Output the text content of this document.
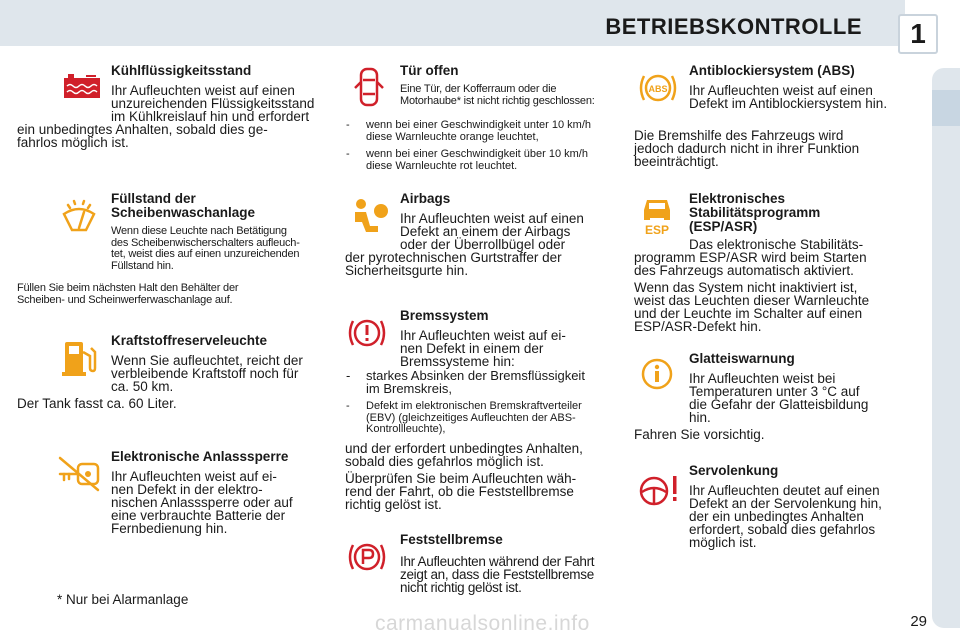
BETRIEBSKONTROLLE	1
Kühlflüssigkeitsstand
Ihr Aufleuchten weist auf einen
unzureichenden Flüssigkeitsstand
im Kühlkreislauf hin und erfordert
ein unbedingtes Anhalten, sobald dies ge-
fahrlos möglich ist.
Füllstand der
Scheibenwaschanlage
Wenn diese Leuchte nach Betätigung
des Scheibenwischerschalters aufleuch-
tet, weist dies auf einen unzureichenden
Füllstand hin.
Füllen Sie beim nächsten Halt den Behälter der
Scheiben- und Scheinwerferwaschanlage auf.
Kraftstoffreserveleuchte
Wenn Sie aufleuchtet, reicht der
verbleibende Kraftstoff noch für
ca. 50 km.
Der Tank fasst ca. 60 Liter.
Elektronische Anlasssperre
Ihr Aufleuchten weist auf ei-
nen Defekt in der elektro-
nischen Anlasssperre oder auf
eine verbrauchte Batterie der
Fernbedienung hin.
* Nur bei Alarmanlage
Tür offen
Eine Tür, der Kofferraum oder die
Motorhaube* ist nicht richtig geschlossen:
-	wenn bei einer Geschwindigkeit unter 10 km/h
diese Warnleuchte orange leuchtet,
-	wenn bei einer Geschwindigkeit über 10 km/h
diese Warnleuchte rot leuchtet.
Airbags
Ihr Aufleuchten weist auf einen
Defekt an einem der Airbags
oder der Überrollbügel oder
der pyrotechnischen Gurtstraffer der
Sicherheitsgurte hin.
Bremssystem
Ihr Aufleuchten weist auf ei-
nen Defekt in einem der
Bremssysteme hin:
-	starkes Absinken der Bremsflüssigkeit
im Bremskreis,
-	Defekt im elektronischen Bremskraftverteiler
(EBV) (gleichzeitiges Aufleuchten der ABS-
Kontrollleuchte),
und der erfordert unbedingtes Anhalten,
sobald dies gefahrlos möglich ist.
Überprüfen Sie beim Aufleuchten wäh-
rend der Fahrt, ob die Feststellbremse
richtig gelöst ist.
Feststellbremse
Ihr Aufleuchten während der Fahrt
zeigt an, dass die Feststellbremse
nicht richtig gelöst ist.
ABS
Antiblockiersystem (ABS)
Ihr Aufleuchten weist auf einen
Defekt im Antiblockiersystem hin.
Die Bremshilfe des Fahrzeugs wird
jedoch dadurch nicht in ihrer Funktion
beeinträchtigt.
ESP
Elektronisches
Stabilitätsprogramm
(ESP/ASR)
Das elektronische Stabilitäts-
programm ESP/ASR wird beim Starten
des Fahrzeugs automatisch aktiviert.
Wenn das System nicht inaktiviert ist,
weist das Leuchten dieser Warnleuchte
und der Leuchte im Schalter auf einen
ESP/ASR-Defekt hin.
Glatteiswarnung
Ihr Aufleuchten weist bei
Temperaturen unter 3 °C auf
die Gefahr der Glatteisbildung
hin.
Fahren Sie vorsichtig.
Servolenkung
Ihr Aufleuchten deutet auf einen
Defekt an der Servolenkung hin,
der ein unbedingtes Anhalten
erfordert, sobald dies gefahrlos
möglich ist.
29
carmanualsonline.info
